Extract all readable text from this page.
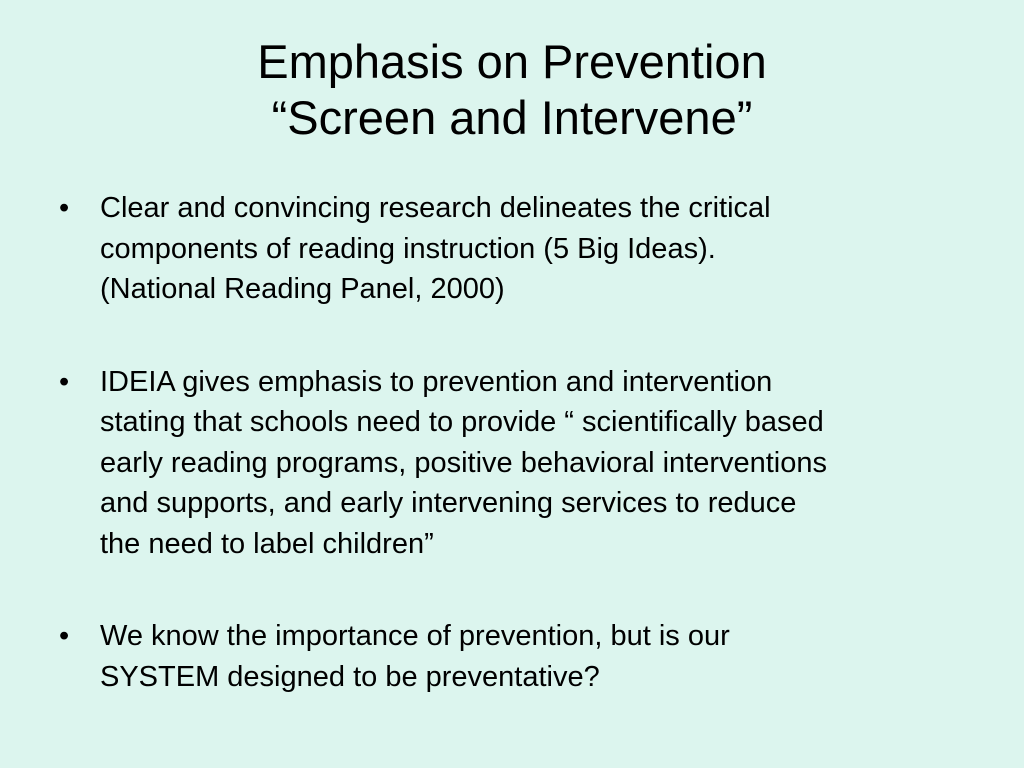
Emphasis on Prevention
“Screen and Intervene”
• Clear and convincing research delineates the critical
components of reading instruction (5 Big Ideas).
(National Reading Panel, 2000)
• IDEIA gives emphasis to prevention and intervention
stating that schools need to provide “ scientifically based
early reading programs, positive behavioral interventions
and supports, and early intervening services to reduce
the need to label children”
• We know the importance of prevention, but is our
SYSTEM designed to be preventative?
